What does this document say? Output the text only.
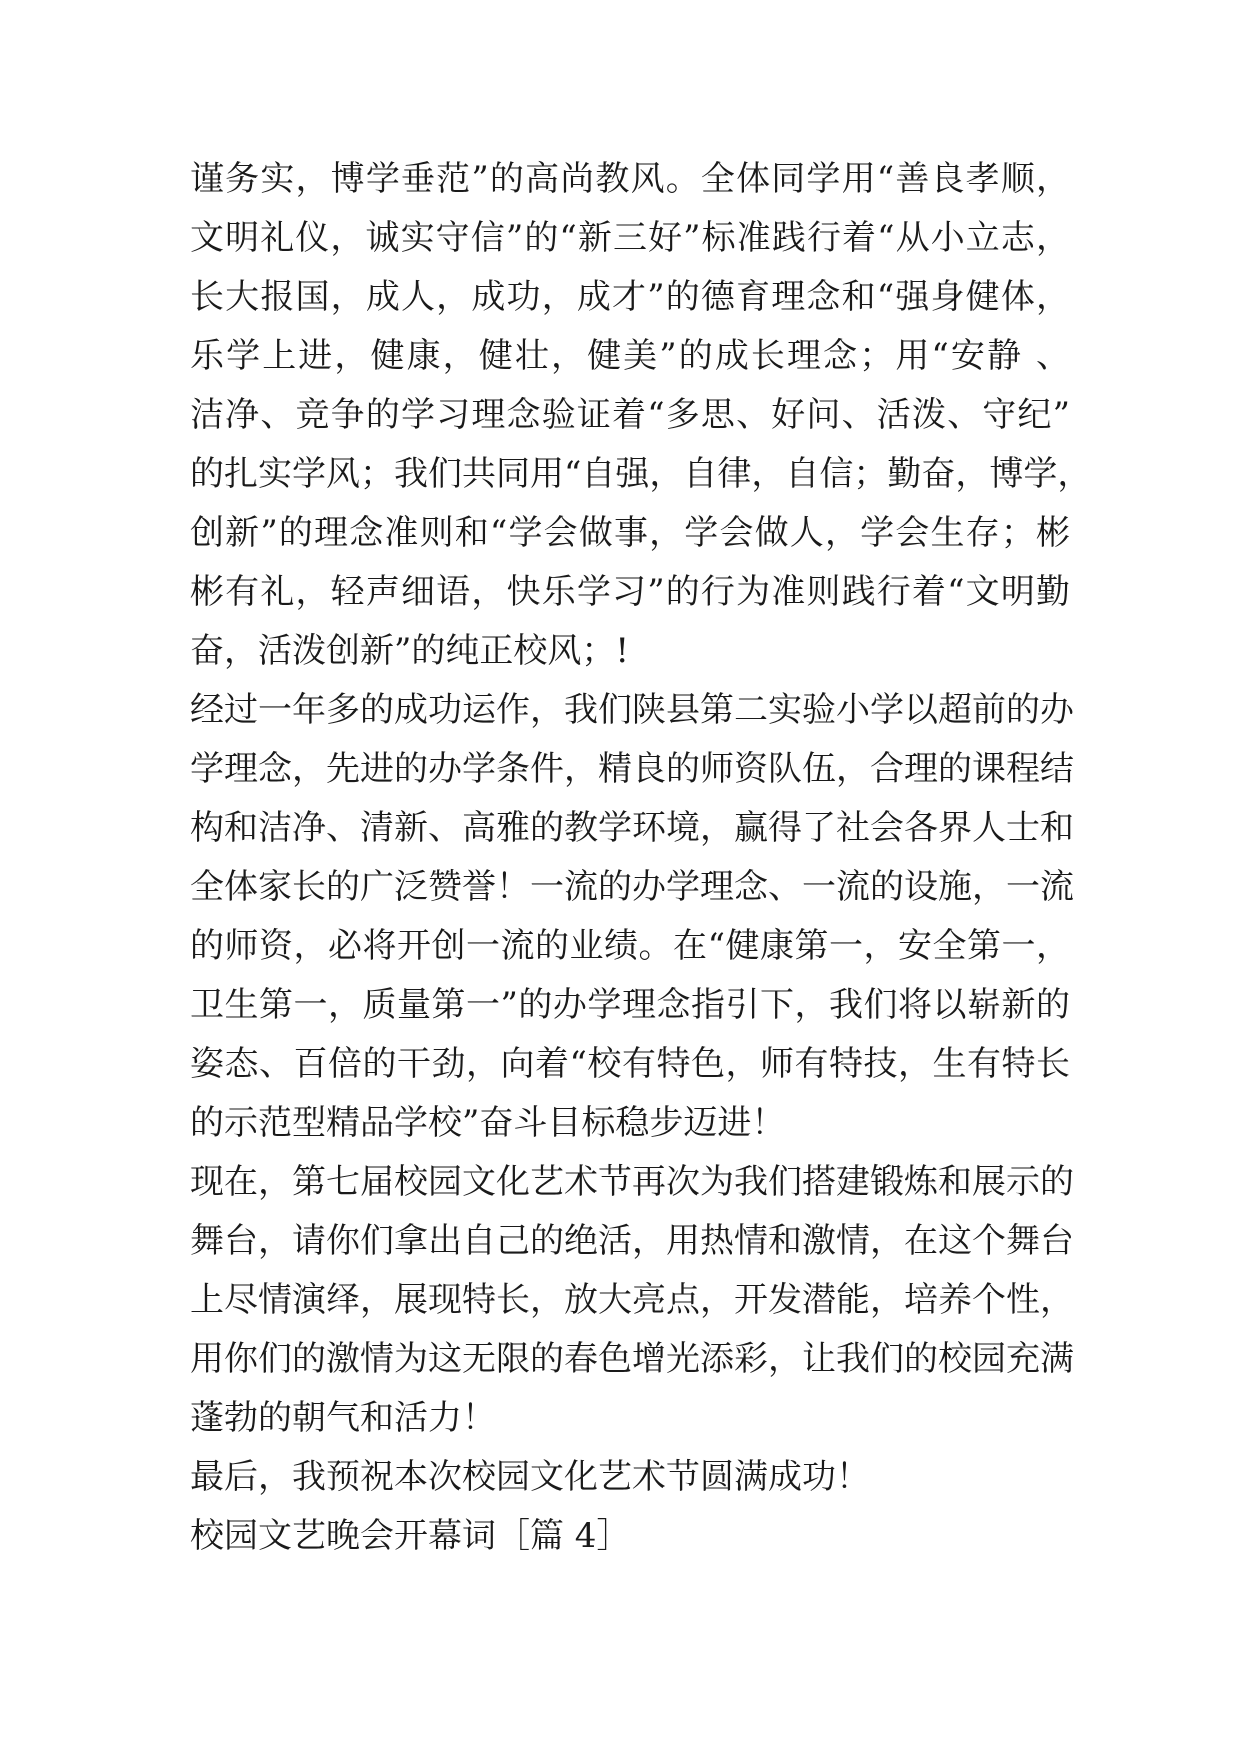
谨务实，博学垂范”的高尚教风。全体同学用“善良孝顺，
文明礼仪，诚实守信”的“新三好”标准践行着“从小立志，
长大报国，成人，成功，成才”的德育理念和“强身健体，
乐学上进，健康，健壮，健美”的成长理念；用“安静 、
洁净、竞争的学习理念验证着“多思、好问、活泼、守纪”
的扎实学风；我们共同用“自强，自律，自信；勤奋，博学，
创新”的理念准则和“学会做事，学会做人，学会生存；彬
彬有礼，轻声细语，快乐学习”的行为准则践行着“文明勤
奋，活泼创新”的纯正校风；!
经过一年多的成功运作，我们陕县第二实验小学以超前的办
学理念，先进的办学条件，精良的师资队伍，合理的课程结
构和洁净、清新、高雅的教学环境，赢得了社会各界人士和
全体家长的广泛赞誉！一流的办学理念、一流的设施，一流
的师资，必将开创一流的业绩。在“健康第一，安全第一，
卫生第一，质量第一”的办学理念指引下，我们将以崭新的
姿态、百倍的干劲，向着“校有特色，师有特技，生有特长
的示范型精品学校”奋斗目标稳步迈进！
现在，第七届校园文化艺术节再次为我们搭建锻炼和展示的
舞台，请你们拿出自己的绝活，用热情和激情，在这个舞台
上尽情演绎，展现特长，放大亮点，开发潜能，培养个性，
用你们的激情为这无限的春色增光添彩，让我们的校园充满
蓬勃的朝气和活力！
最后，我预祝本次校园文化艺术节圆满成功！
校园文艺晚会开幕词［篇 4］
